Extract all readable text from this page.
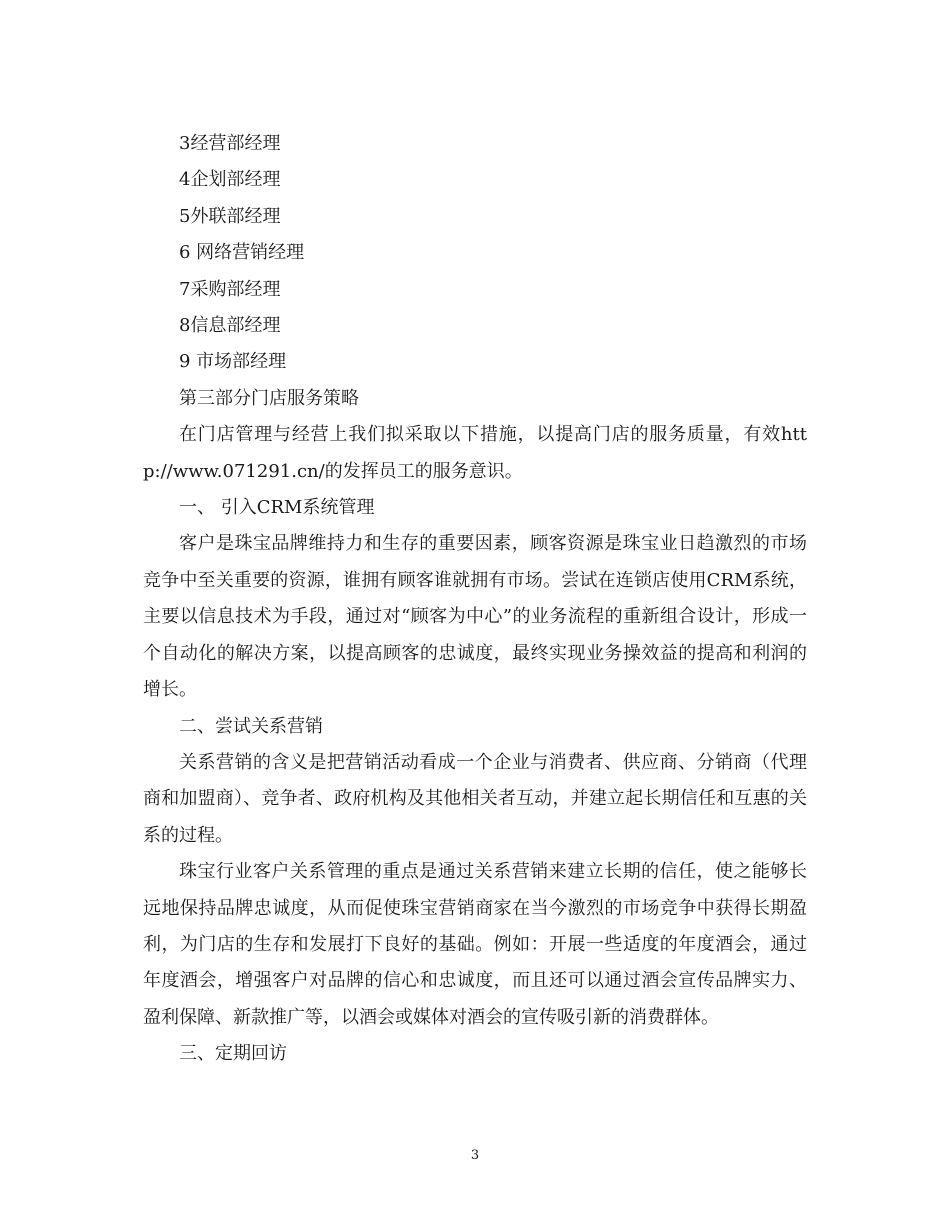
3经营部经理

4企划部经理

5外联部经理

6 网络营销经理

7采购部经理

8信息部经理

9 市场部经理

第三部分门店服务策略

在门店管理与经营上我们拟采取以下措施，以提高门店的服务质量，有效http://www.071291.cn/的发挥员工的服务意识。

一、 引入CRM系统管理

客户是珠宝品牌维持力和生存的重要因素，顾客资源是珠宝业日趋激烈的市场竞争中至关重要的资源，谁拥有顾客谁就拥有市场。尝试在连锁店使用CRM系统，主要以信息技术为手段，通过对“顾客为中心”的业务流程的重新组合设计，形成一个自动化的解决方案，以提高顾客的忠诚度，最终实现业务操效益的提高和利润的增长。

二、尝试关系营销

关系营销的含义是把营销活动看成一个企业与消费者、供应商、分销商（代理商和加盟商）、竞争者、政府机构及其他相关者互动，并建立起长期信任和互惠的关系的过程。

珠宝行业客户关系管理的重点是通过关系营销来建立长期的信任，使之能够长远地保持品牌忠诚度，从而促使珠宝营销商家在当今激烈的市场竞争中获得长期盈利，为门店的生存和发展打下良好的基础。例如：开展一些适度的年度酒会，通过年度酒会，增强客户对品牌的信心和忠诚度，而且还可以通过酒会宣传品牌实力、盈利保障、新款推广等，以酒会或媒体对酒会的宣传吸引新的消费群体。

三、定期回访

3
